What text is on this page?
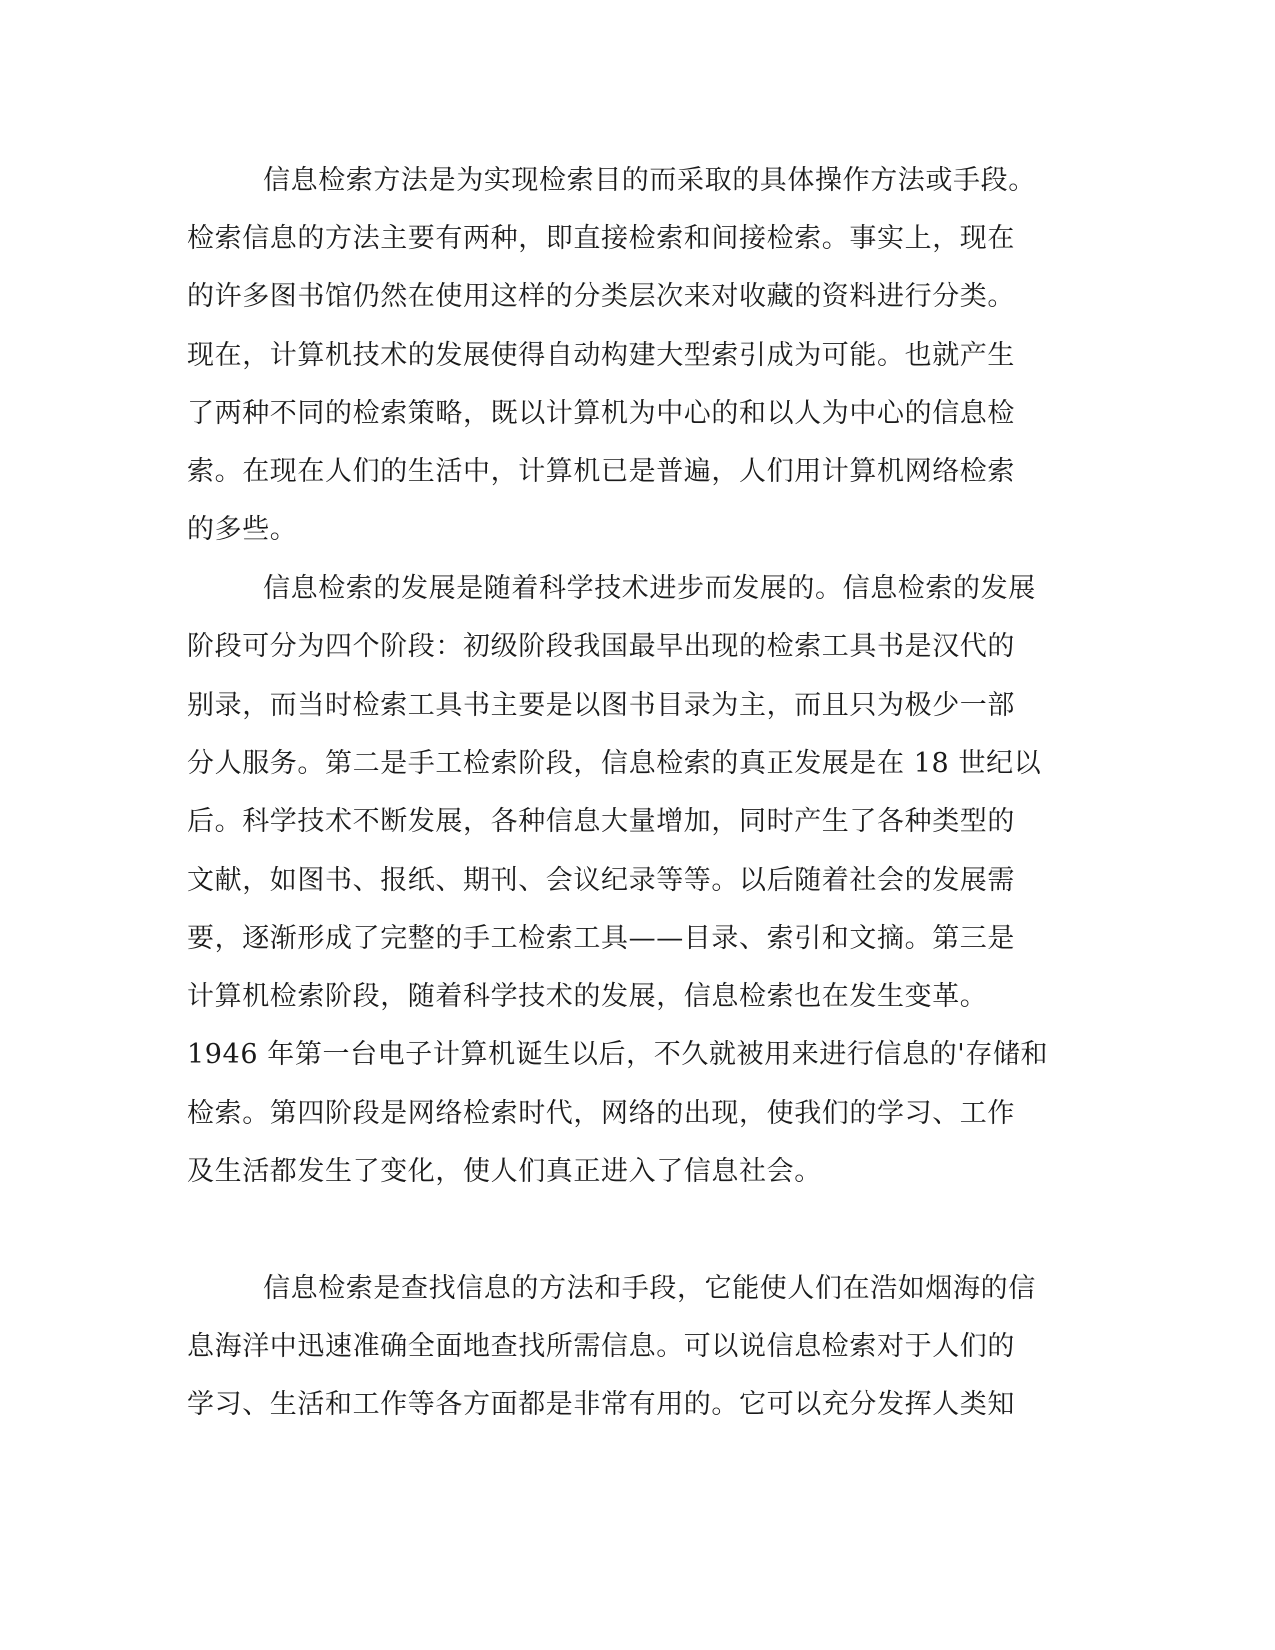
信息检索方法是为实现检索目的而采取的具体操作方法或手段。
检索信息的方法主要有两种，即直接检索和间接检索。事实上，现在
的许多图书馆仍然在使用这样的分类层次来对收藏的资料进行分类。
现在，计算机技术的发展使得自动构建大型索引成为可能。也就产生
了两种不同的检索策略，既以计算机为中心的和以人为中心的信息检
索。在现在人们的生活中，计算机已是普遍，人们用计算机网络检索
的多些。
信息检索的发展是随着科学技术进步而发展的。信息检索的发展
阶段可分为四个阶段：初级阶段我国最早出现的检索工具书是汉代的
别录，而当时检索工具书主要是以图书目录为主，而且只为极少一部
分人服务。第二是手工检索阶段，信息检索的真正发展是在 18 世纪以
后。科学技术不断发展，各种信息大量增加，同时产生了各种类型的
文献，如图书、报纸、期刊、会议纪录等等。以后随着社会的发展需
要，逐渐形成了完整的手工检索工具——目录、索引和文摘。第三是
计算机检索阶段，随着科学技术的发展，信息检索也在发生变革。
1946 年第一台电子计算机诞生以后，不久就被用来进行信息的'存储和
检索。第四阶段是网络检索时代，网络的出现，使我们的学习、工作
及生活都发生了变化，使人们真正进入了信息社会。
信息检索是查找信息的方法和手段，它能使人们在浩如烟海的信
息海洋中迅速准确全面地查找所需信息。可以说信息检索对于人们的
学习、生活和工作等各方面都是非常有用的。它可以充分发挥人类知
